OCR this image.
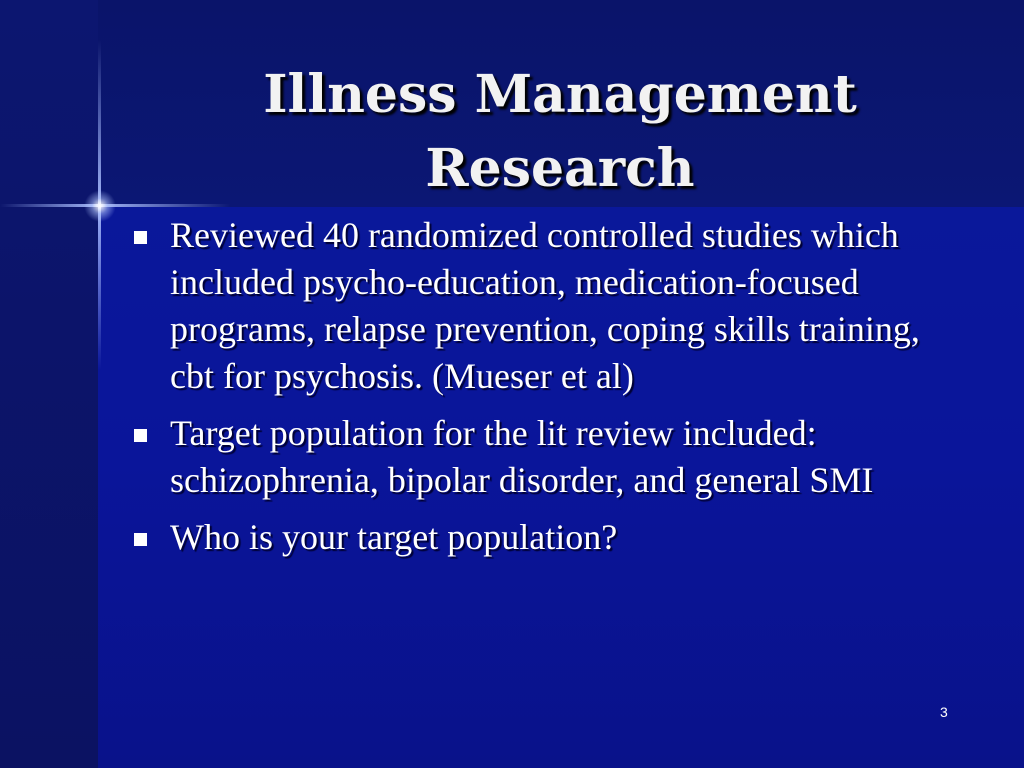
Illness Management Research
Reviewed 40 randomized controlled studies which included psycho-education, medication-focused programs, relapse prevention, coping skills training, cbt for psychosis. (Mueser et al)
Target population for the lit review included: schizophrenia, bipolar disorder, and general SMI
Who is your target population?
3
